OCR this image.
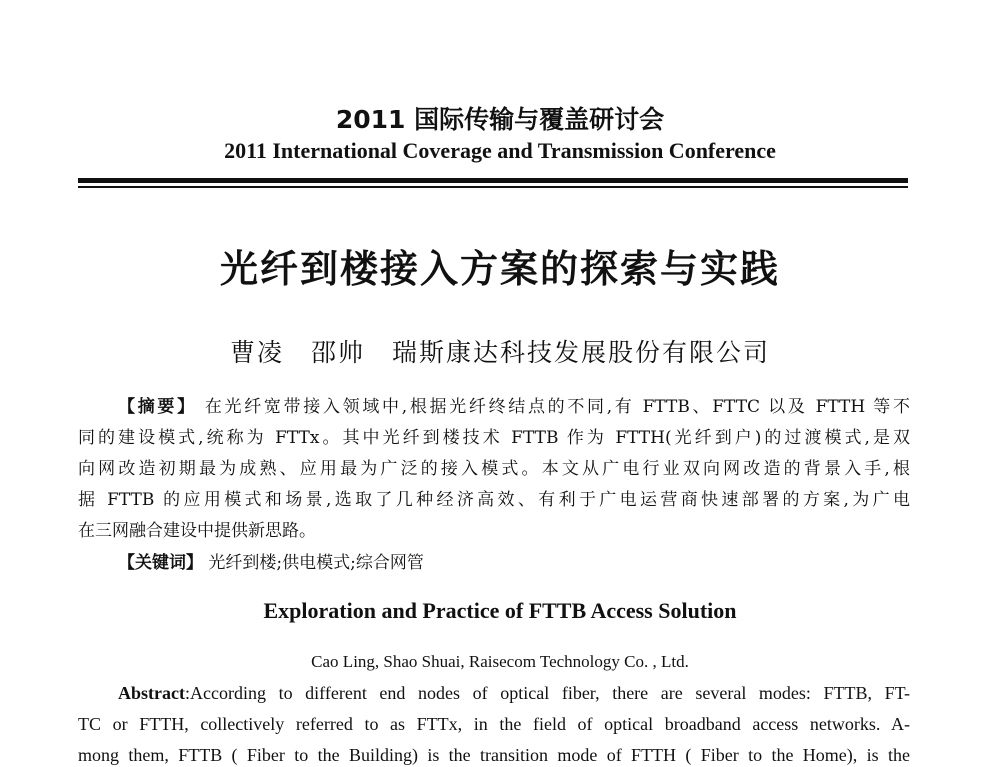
2011 国际传输与覆盖研讨会
2011 International Coverage and Transmission Conference
光纤到楼接入方案的探索与实践
曹凌　邵帅　瑞斯康达科技发展股份有限公司
【摘要】 在光纤宽带接入领域中,根据光纤终结点的不同,有 FTTB、FTTC 以及 FTTH 等不
同的建设模式,统称为 FTTx。其中光纤到楼技术 FTTB 作为 FTTH(光纤到户)的过渡模式,是双
向网改造初期最为成熟、应用最为广泛的接入模式。本文从广电行业双向网改造的背景入手,根
据 FTTB 的应用模式和场景,选取了几种经济高效、有利于广电运营商快速部署的方案,为广电
在三网融合建设中提供新思路。
【关键词】 光纤到楼;供电模式;综合网管
Exploration and Practice of FTTB Access Solution
Cao Ling, Shao Shuai, Raisecom Technology Co. , Ltd.
Abstract:According to different end nodes of optical fiber, there are several modes: FTTB, FT-
TC or FTTH, collectively referred to as FTTx, in the field of optical broadband access networks. A-
mong them, FTTB ( Fiber to the Building) is the transition mode of FTTH ( Fiber to the Home), is the
